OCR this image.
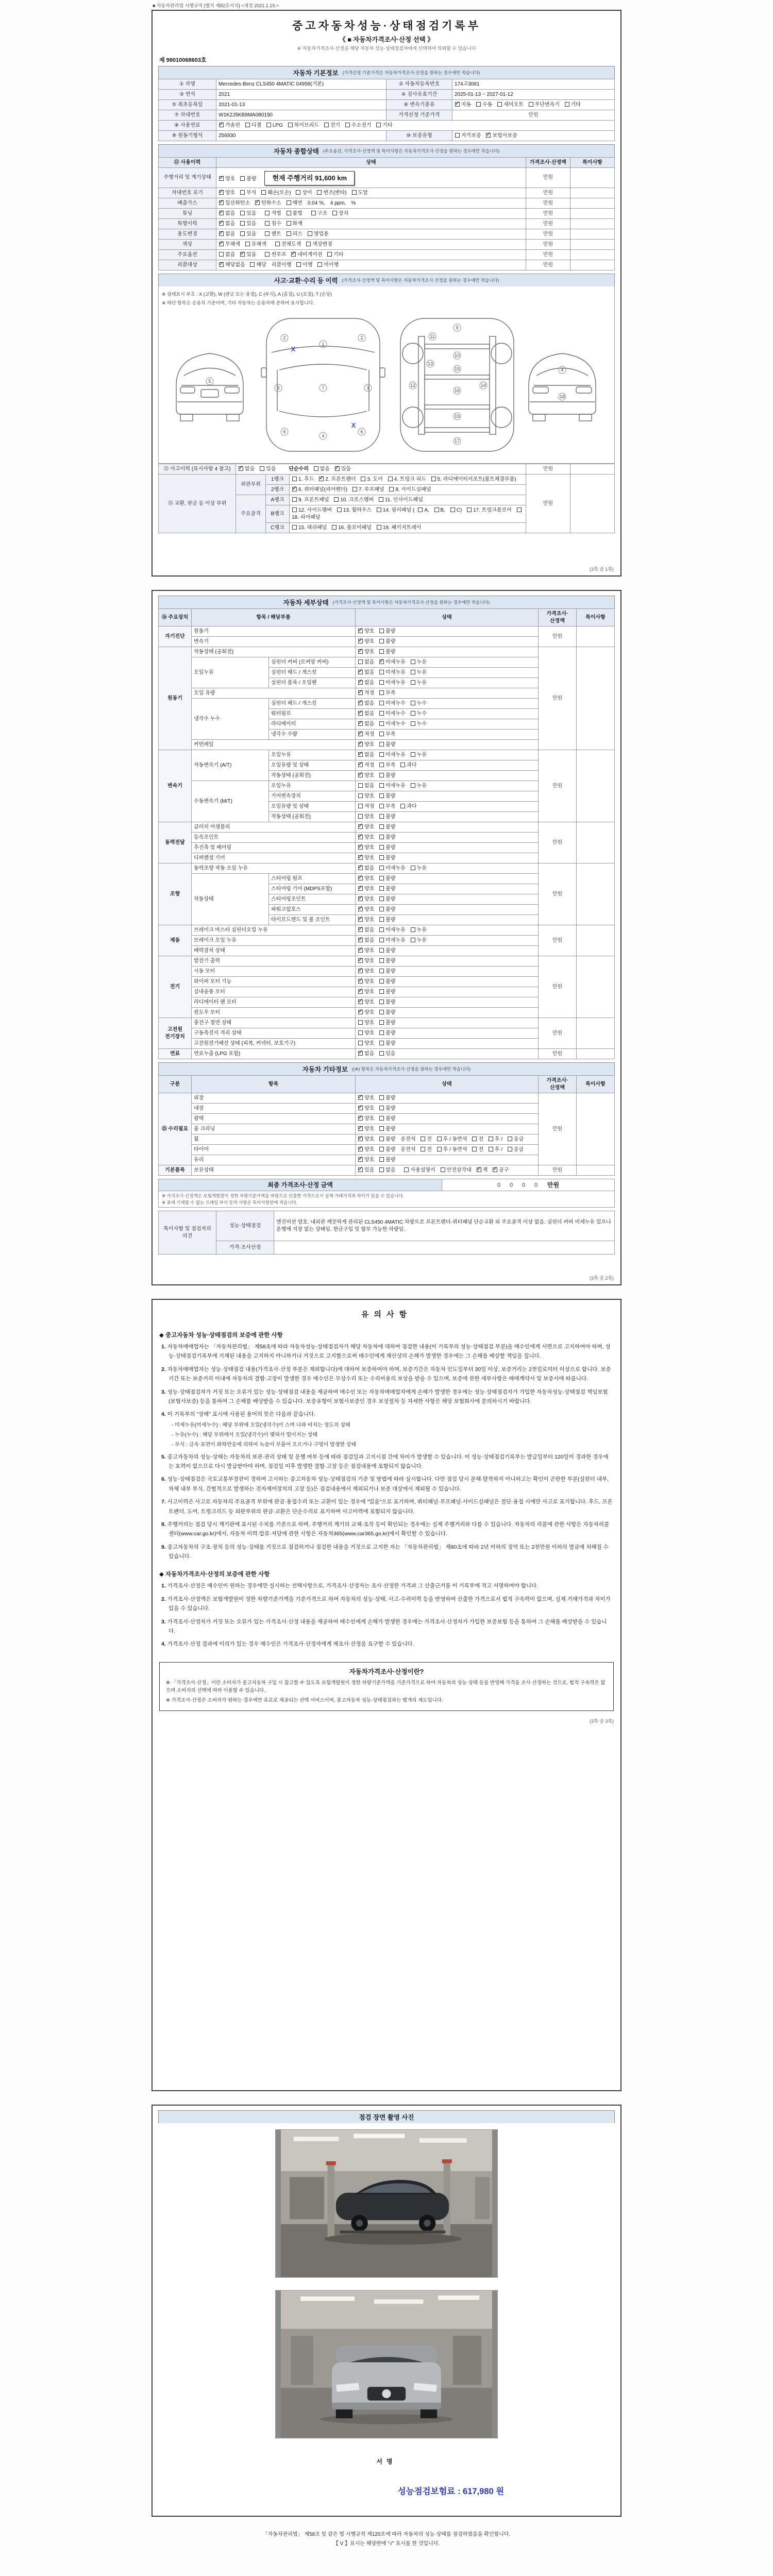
■ 자동차관리법 시행규칙 [별지 제82호서식] <개정 2021.1.19.>
중고자동차성능·상태점검기록부
《 ■ 자동차가격조사·산정 선택 》
※ 자동차가격조사·산정을 해당 자동차 성능·상태점검자에게 선택하여 의뢰할 수 있습니다
제 98010068603호
자동차 기본정보 (가격산정 기준가격은 자동차가격조사·산정을 원하는 경우에만 적습니다)
① 차명	Mercedes-Benz CLS450 4MATIC 04958(기본)	② 자동차등록번호	174고3061
③ 연식	2021	④ 검사유효기간	2025-01-13 ~ 2027-01-12
⑤ 최초등록일	2021-01-13	⑥ 변속기종류	✓자동 수동 세미오토 무단변속기 기타
⑦ 차대번호	W1K2J5KB9MA080190	가격산정 기준가격	만원
⑧ 사용연료	✓가솔린 디젤 LPG 하이브리드 전기 수소전기 기타
⑨ 원동기형식	256930	⑩ 보증유형	자가보증 ✓보험사보증
자동차 종합상태 (주요옵션, 가격조사·산정액 및 특이사항은 자동차가격조사·산정을 원하는 경우에만 적습니다)
⑪ 사용이력	상태	가격조사·산정액	특이사항
주행거리 및 계기상태	✓양호 불량 현재 주행거리 91,600 km	만원	
차대번호 표기	✓양호 부식 훼손(오손) 상이 변조(변타) 도말	만원	
배출가스	✓일산화탄소 ✓탄화수소 매연　0.04 %,　4 ppm,　%	만원	
튜닝	✓없음 있음　적법 불법　구조 장치	만원	
특별이력	✓없음 있음　침수 화재	만원	
용도변경	✓없음 있음　렌트 리스 영업용	만원	
색상	✓무채색 유채색　전체도색 색상변경	만원	
주요옵션	없음 ✓있음　썬루프 ✓네비게이션 기타	만원	
리콜대상	✓해당없음 해당　리콜이행 이행 미이행	만원	
사고·교환·수리 등 이력 (가격조사·산정액 및 특이사항은 자동차가격조사·산정을 원하는 경우에만 적습니다)
※ 상태표시 부호 : X (교환), W (판금 또는 용접), C (부식), A (흠집), U (요철), T (손상)
※ 하단 항목은 승용차 기준이며, 기타 자동차는 승용차에 준하여 표시합니다.
1
2	2
3	3
7
6	6
4
5
9
10
11
12
13
15
16
19
17
14
4
18
X
X
⑫ 사고이력 (표시사항 4 참고)	✓없음 있음 단순수리 없음 ✓있음			만원	
⑬ 교환, 판금 등 이상 부위	외판부위	1랭크	1. 후드 ✓2. 프론트펜더 3. 도어 4. 트렁크 리드 5. 라디에이터서포트(볼트체결부품)	만원	
		2랭크	✓6. 쿼터패널(리어펜더) 7. 루프패널 8. 사이드실패널
	주요골격	A랭크	9. 프론트패널 10. 크로스멤버 11. 인사이드패널		
		B랭크	12. 사이드멤버 13. 휠하우스 14. 필러패널 ( A, B, C) 17. 트렁크플로어 18. 리어패널		
		C랭크	15. 대쉬패널 16. 플로어패널 19. 패키지트레이		
(3쪽 중 1쪽)
자동차 세부상태 (가격조사·산정액 및 특이사항은 자동차가격조사·산정을 원하는 경우에만 적습니다)
⑭ 주요장치	항목 / 해당부품		상태	가격조사·산정액	특이사항
자기진단	원동기	✓양호 불량	만원	
	변속기	✓양호 불량
원동기	작동상태 (공회전)	✓양호 불량	만원	
	오일누유	실린더 커버 (로커암 커버)	없음 ✓미세누유 누유
		실린더 헤드 / 개스킷	✓없음 미세누유 누유
		실린더 블록 / 오일팬	✓없음 미세누유 누유
	오일 유량	✓적정 부족
	냉각수 누수	실린더 헤드 / 개스킷	✓없음 미세누수 누수
		워터펌프	✓없음 미세누수 누수
		라디에이터	✓없음 미세누수 누수
		냉각수 수량	✓적정 부족
	커먼레일	✓양호 불량
변속기	자동변속기 (A/T)	오일누유	✓없음 미세누유 누유	만원	
		오일유량 및 상태	✓적정 부족 과다
		작동상태 (공회전)	✓양호 불량
	수동변속기 (M/T)	오일누유	없음 미세누유 누유		
		기어변속장치	양호 불량		
		오일유량 및 상태	적정 부족 과다		
		작동상태 (공회전)	양호 불량		
동력전달	클러치 어셈블리	✓양호 불량	만원	
	등속조인트	✓양호 불량
	추진축 및 베어링	✓양호 불량
	디퍼렌셜 기어	✓양호 불량
조향	동력조향 작동 오일 누유	✓없음 미세누유 누유	만원	
	작동상태	스티어링 펌프	✓양호 불량
		스티어링 기어 (MDPS포함)	✓양호 불량
		스티어링조인트	✓양호 불량
		파워고압호스	✓양호 불량
		타이로드엔드 및 볼 조인트	✓양호 불량
제동	브레이크 마스터 실린더오일 누유	✓없음 미세누유 누유	만원	
	브레이크 오일 누유	✓없음 미세누유 누유
	배력장치 상태	✓양호 불량
전기	발전기 출력	✓양호 불량	만원	
	시동 모터	✓양호 불량
	와이퍼 모터 기능	✓양호 불량
	실내송풍 모터	✓양호 불량
	라디에이터 팬 모터	✓양호 불량
	윈도우 모터	✓양호 불량
고전원 전기장치	충전구 절연 상태		양호 불량	만원	
	구동축전지 격리 상태		양호 불량		
	고전원전기배선 상태 (피복, 커넥터, 보호기구)		양호 불량		
연료	연료누출 (LPG 포함)	✓없음 있음	만원	
자동차 기타정보 ((※) 항목은 자동차가격조사·산정을 원하는 경우에만 적습니다)
구분	항목	상태	가격조사·산정액	특이사항
⑮ 수리필요	외장	✓양호 불량	만원	
	내장	✓양호 불량
	광택	✓양호 불량
	룸 크리닝	✓양호 불량
	휠	✓양호 불량　운전석 전 후 / 동반석 전 후 / 응급
	타이어	✓양호 불량　운전석 전 후 / 동반석 전 후 / 응급
	유리	✓양호 불량
기본품목	보유상태	✓있음 없음　사용설명서 안전삼각대 ✓잭 ✓공구	만원	
최종 가격조사·산정 금액	0 0 0 0 만원
※ 가격조사·산정액은 보험개발원이 정한 차량기준가액을 바탕으로 산출한 가격으로서 실제 거래가격과 차이가 있을 수 있습니다.
※ 표에 기재할 수 없는 프레임 부식 등의 사항은 특이사항란에 적습니다.
특이사항 및 점검자의 의견	성능·상태점검	엔진미션 양호. 내외관 깨끗하게 관리된 CLS450 4MATIC 차량으로 프론트펜더·쿼터패널 단순교환 외 주요골격 이상 없음. 실린더 커버 미세누유 있으나 운행에 지장 없는 상태임. 현금구입 및 할부 가능한 차량임.
	가격·조사산정	
(3쪽 중 2쪽)
유의사항
◆ 중고자동차 성능·상태점검의 보증에 관한 사항
1. 자동차매매업자는 「자동차관리법」 제58조에 따라 자동차성능·상태점검자가 해당 자동차에 대하여 점검한 내용(이 기록부의 성능·상태점검 부분)을 매수인에게 서면으로 고지하여야 하며, 성능·상태점검기록부에 기재된 내용을 고지하지 아니하거나 거짓으로 고지함으로써 매수인에게 재산상의 손해가 발생한 경우에는 그 손해를 배상할 책임을 집니다.
2. 자동차매매업자는 성능·상태점검 내용(가격조사·산정 부분은 제외합니다)에 대하여 보증하여야 하며, 보증기간은 자동차 인도일부터 30일 이상, 보증거리는 2천킬로미터 이상으로 합니다. 보증기간 또는 보증거리 이내에 자동차의 결함·고장이 발생한 경우 매수인은 무상수리 또는 수리비용의 보상을 받을 수 있으며, 보증에 관한 세부사항은 매매계약서 및 보증서에 따릅니다.
3. 성능·상태점검자가 거짓 또는 오류가 있는 성능·상태점검 내용을 제공하여 매수인 또는 자동차매매업자에게 손해가 발생한 경우에는 성능·상태점검자가 가입한 자동차성능·상태점검 책임보험(보험사보증) 등을 통하여 그 손해를 배상받을 수 있습니다. 보증유형이 보험사보증인 경우 보상절차 등 자세한 사항은 해당 보험회사에 문의하시기 바랍니다.
4. 이 기록부의 "상태" 표시에 사용된 용어의 뜻은 다음과 같습니다.
- 미세누유(미세누수) : 해당 부위에 오일(냉각수)이 스며 나와 비치는 정도의 상태
- 누유(누수) : 해당 부위에서 오일(냉각수)이 맺혀서 떨어지는 상태
- 부식 : 금속 표면이 화학반응에 의하여 녹슬어 부풀어 오르거나 구멍이 발생한 상태
5. 중고자동차의 성능·상태는 자동차의 보관·관리 상태 및 운행 여부 등에 따라 점검일과 고지시점 간에 차이가 발생할 수 있습니다. 이 성능·상태점검기록부는 발급일부터 120일이 경과한 경우에는 효력이 없으므로 다시 발급받아야 하며, 점검일 이후 발생한 결함·고장 등은 점검내용에 포함되지 않습니다.
6. 성능·상태점검은 국토교통부장관이 정하여 고시하는 중고자동차 성능·상태점검의 기준 및 방법에 따라 실시합니다. 다만 점검 당시 분해·탈착하지 아니하고는 확인이 곤란한 부분(실린더 내부, 차체 내부 부식, 간헐적으로 발생하는 전자제어장치의 고장 등)은 점검내용에서 제외되거나 보증 대상에서 제외될 수 있습니다.
7. 사고이력은 사고로 자동차의 주요골격 부위에 판금·용접수리 또는 교환이 있는 경우에 "있음"으로 표기하며, 쿼터패널·루프패널·사이드실패널은 절단·용접 시에만 사고로 표기합니다. 후드, 프론트펜더, 도어, 트렁크리드 등 외판부위의 판금·교환은 단순수리로 표기하며 사고이력에 포함되지 않습니다.
8. 주행거리는 점검 당시 계기판에 표시된 수치를 기준으로 하며, 주행거리 계기의 교체·조작 등이 확인되는 경우에는 실제 주행거리와 다를 수 있습니다. 자동차의 리콜에 관한 사항은 자동차리콜센터(www.car.go.kr)에서, 자동차 이력·압류·저당에 관한 사항은 자동차365(www.car365.go.kr)에서 확인할 수 있습니다.
9. 중고자동차의 구조·장치 등의 성능·상태를 거짓으로 점검하거나 점검한 내용을 거짓으로 고지한 자는 「자동차관리법」 제80조에 따라 2년 이하의 징역 또는 2천만원 이하의 벌금에 처해질 수 있습니다.
◆ 자동차가격조사·산정의 보증에 관한 사항
1. 가격조사·산정은 매수인이 원하는 경우에만 실시하는 선택사항으로, 가격조사·산정자는 조사·산정한 가격과 그 산출근거를 이 기록부에 적고 서명하여야 합니다.
2. 가격조사·산정액은 보험개발원이 정한 차량기준가액을 기준가격으로 하여 자동차의 성능·상태, 사고·수리이력 등을 반영하여 산출한 가격으로서 법적 구속력이 없으며, 실제 거래가격과 차이가 있을 수 있습니다.
3. 가격조사·산정자가 거짓 또는 오류가 있는 가격조사·산정 내용을 제공하여 매수인에게 손해가 발생한 경우에는 가격조사·산정자가 가입한 보증보험 등을 통하여 그 손해를 배상받을 수 있습니다.
4. 가격조사·산정 결과에 이의가 있는 경우 매수인은 가격조사·산정자에게 재조사·산정을 요구할 수 있습니다.
자동차가격조사·산정이란?
※ 「가격조사·산정」이란 소비자가 중고자동차 구입 시 참고할 수 있도록 보험개발원이 정한 차량기준가액을 기준가격으로 하여 자동차의 성능·상태 등을 반영해 가격을 조사·산정하는 것으로, 법적 구속력은 없으며 소비자의 선택에 따라 이용할 수 있습니다.
※ 가격조사·산정은 소비자가 원하는 경우에만 유료로 제공되는 선택 서비스이며, 중고자동차 성능·상태점검과는 별개의 제도입니다.
(3쪽 중 3쪽)
점검 장면 촬영 사진
서명
성능점검보험료 : 617,980 원
「자동차관리법」 제58조 및 같은 법 시행규칙 제120조에 따라 자동차의 성능·상태를 점검하였음을 확인합니다.
【 V 】표시는 해당란에 "√" 표시를 한 것입니다.
